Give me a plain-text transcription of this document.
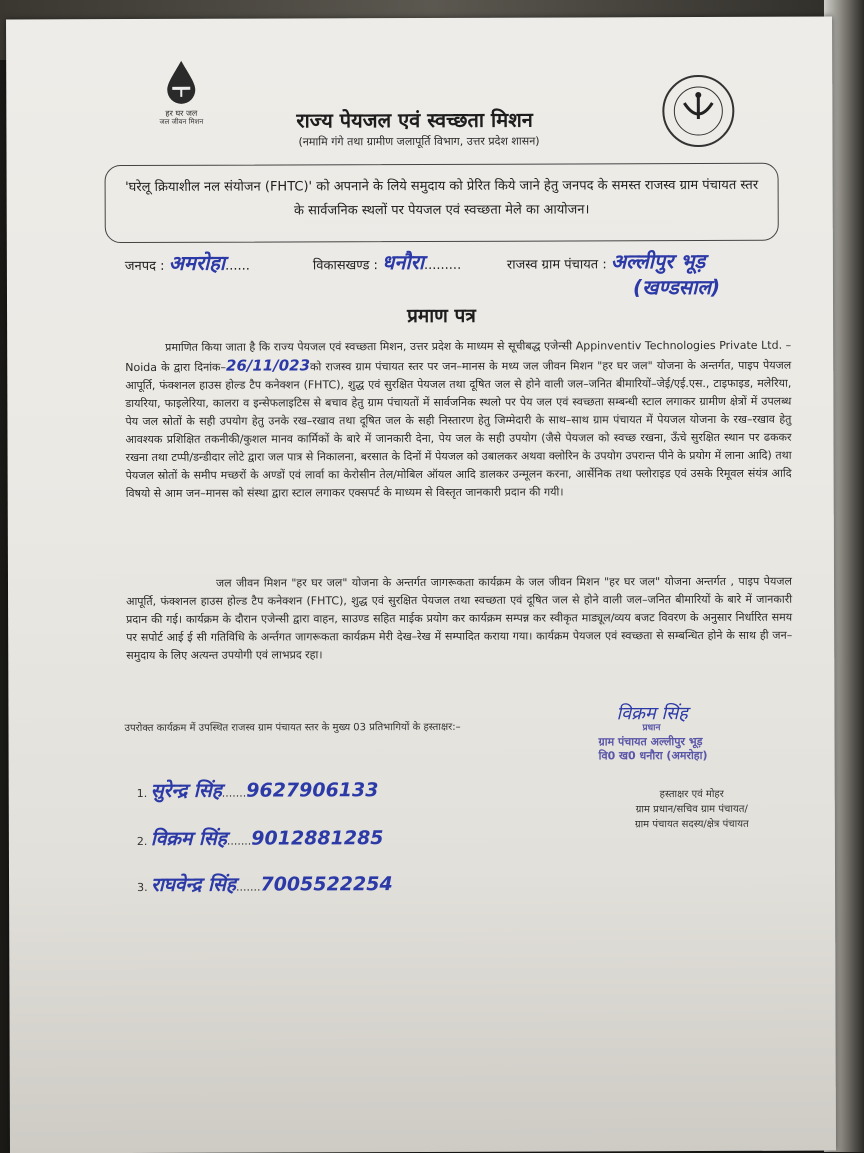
हर घर जल
जल जीवन मिशन	राज्य पेयजल एवं स्वच्छता मिशन
(नमामि गंगे तथा ग्रामीण जलापूर्ति विभाग, उत्तर प्रदेश शासन)
'घरेलू क्रियाशील नल संयोजन (FHTC)' को अपनाने के लिये समुदाय को प्रेरित किये जाने हेतु जनपद के समस्त राजस्व ग्राम पंचायत स्तर के सार्वजनिक स्थलों पर पेयजल एवं स्वच्छता मेले का आयोजन।
जनपद : अमरोहा......	विकासखण्ड : धनौरा.........	राजस्व ग्राम पंचायत : अल्लीपुर भूड़
(खण्डसाल)
प्रमाण पत्र
प्रमाणित किया जाता है कि राज्य पेयजल एवं स्वच्छता मिशन, उत्तर प्रदेश के माध्यम से सूचीबद्ध एजेन्सी Appinventiv Technologies Private Ltd. – Noida के द्वारा दिनांक–26/11/023को राजस्व ग्राम पंचायत स्तर पर जन–मानस के मध्य जल जीवन मिशन "हर घर जल" योजना के अन्तर्गत, पाइप पेयजल आपूर्ति, फंक्शनल हाउस होल्ड टैप कनेक्शन (FHTC), शुद्ध एवं सुरक्षित पेयजल तथा दूषित जल से होने वाली जल–जनित बीमारियों–जेई/एई.एस., टाइफाइड, मलेरिया, डायरिया, फाइलेरिया, कालरा व इन्सेफलाइटिस से बचाव हेतु ग्राम पंचायतों में सार्वजनिक स्थलो पर पेय जल एवं स्वच्छता सम्बन्धी स्टाल लगाकर ग्रामीण क्षेत्रों में उपलब्ध पेय जल स्रोतों के सही उपयोग हेतु उनके रख–रखाव तथा दूषित जल के सही निस्तारण हेतु जिम्मेदारी के साथ–साथ ग्राम पंचायत में पेयजल योजना के रख–रखाव हेतु आवश्यक प्रशिक्षित तकनीकी/कुशल मानव कार्मिकों के बारे में जानकारी देना, पेय जल के सही उपयोग (जैसे पेयजल को स्वच्छ रखना, ऊँचे सुरक्षित स्थान पर ढककर रखना तथा टप्पी/डन्डीदार लोटे द्वारा जल पात्र से निकालना, बरसात के दिनों में पेयजल को उबालकर अथवा क्लोरिन के उपयोग उपरान्त पीने के प्रयोग में लाना आदि) तथा पेयजल स्रोतों के समीप मच्छरों के अण्डों एवं लार्वा का केरोसीन तेल/मोबिल ऑयल आदि डालकर उन्मूलन करना, आर्सेनिक तथा फ्लोराइड एवं उसके रिमूवल संयंत्र आदि विषयो से आम जन–मानस को संस्था द्वारा स्टाल लगाकर एक्सपर्ट के माध्यम से विस्तृत जानकारी प्रदान की गयी।
जल जीवन मिशन "हर घर जल" योजना के अन्तर्गत जागरूकता कार्यक्रम के जल जीवन मिशन "हर घर जल" योजना अन्तर्गत , पाइप पेयजल आपूर्ति, फंक्शनल हाउस होल्ड टैप कनेक्शन (FHTC), शुद्ध एवं सुरक्षित पेयजल तथा स्वच्छता एवं दूषित जल से होने वाली जल–जनित बीमारियों के बारे में जानकारी प्रदान की गई। कार्यक्रम के दौरान एजेन्सी द्वारा वाहन, साउण्ड सहित माईक प्रयोग कर कार्यक्रम सम्पन्न कर स्वीकृत माड्यूल/व्यय बजट विवरण के अनुसार निर्धारित समय पर सपोर्ट आई ई सी गतिविधि के अर्न्तगत जागरूकता कार्यक्रम मेरी देख–रेख में सम्पादित कराया गया। कार्यक्रम पेयजल एवं स्वच्छता से सम्बन्धित होने के साथ ही जन–समुदाय के लिए अत्यन्त उपयोगी एवं लाभप्रद रहा।
उपरोक्त कार्यक्रम में उपस्थित राजस्व ग्राम पंचायत स्तर के मुख्य 03 प्रतिभागियों के हस्ताक्षर:–
विक्रम सिंह
प्रधान
ग्राम पंचायत अल्लीपुर भूड़
वि0 ख0 धनौरा (अमरोहा)
हस्ताक्षर एवं मोहर
ग्राम प्रधान/सचिव ग्राम पंचायत/
ग्राम पंचायत सदस्य/क्षेत्र पंचायत
1. सुरेन्द्र सिंह.......9627906133
2. विक्रम सिंह.......9012881285
3. राघवेन्द्र सिंह.......7005522254
